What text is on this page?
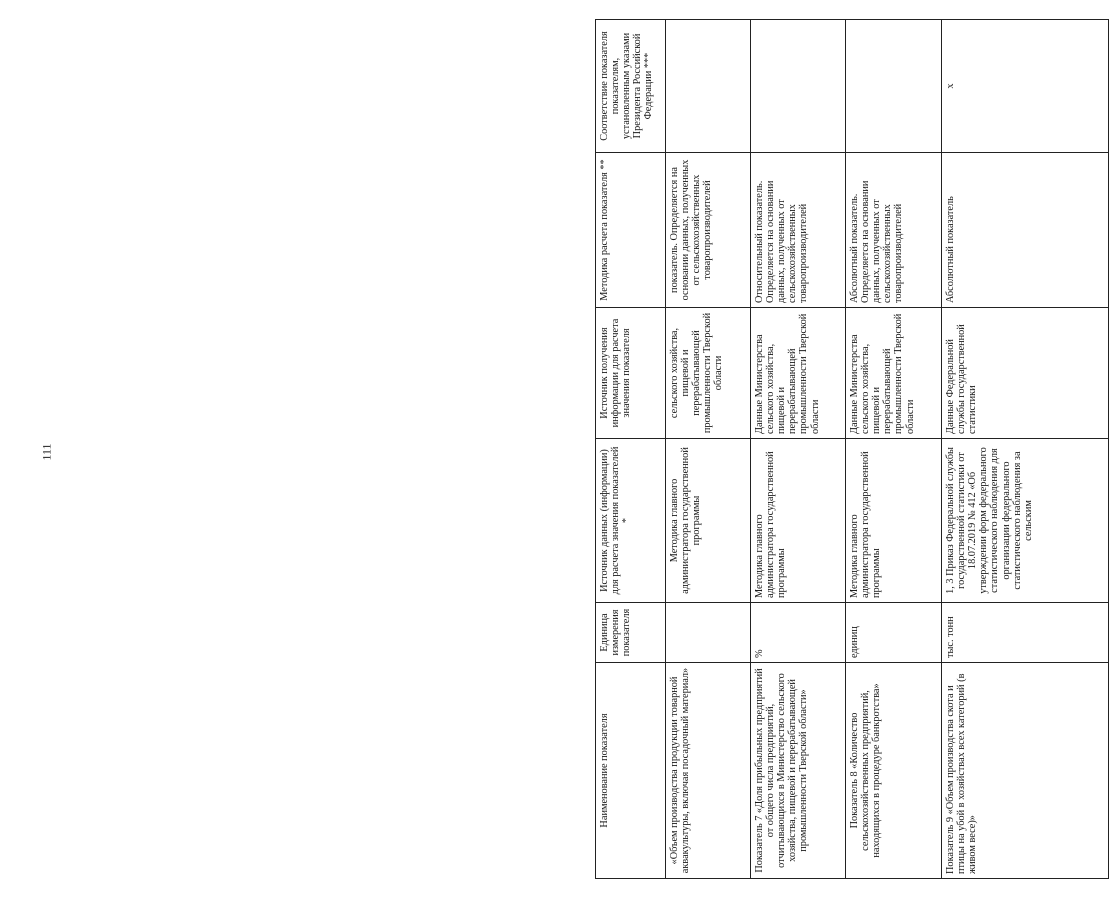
111
Наименование показателя	Единица измерения показателя	Источник данных (информации) для расчета значения показателей *	Источник получения информации для расчета значения показателя	Методика расчета показателя **	Соответствие показателя показателям, установленным указами Президента Российской Федерации ***
«Объем производства продукции товарной аквакультуры, включая посадочный материал»		Методика главного администратора государственной программы	сельского хозяйства, пищевой и перерабатывающей промышленности Тверской области	показатель. Определяется на основании данных, полученных от сельскохозяйственных товаропроизводителей	
Показатель 7 «Доля прибыльных предприятий от общего числа предприятий, отчитывающихся в Министерство сельского хозяйства, пищевой и перерабатывающей промышленности Тверской области»	%	Методика главного администратора государственной программы	Данные Министерства сельского хозяйства, пищевой и перерабатывающей промышленности Тверской области	Относительный показатель. Определяется на основании данных, полученных от сельскохозяйственных товаропроизводителей	
Показатель 8 «Количество сельскохозяйственных предприятий, находящихся в процедуре банкротства»	единиц	Методика главного администратора государственной программы	Данные Министерства сельского хозяйства, пищевой и перерабатывающей промышленности Тверской области	Абсолютный показатель. Определяется на основании данных, полученных от сельскохозяйственных товаропроизводителей	
Показатель 9 «Объем производства скота и птицы на убой в хозяйствах всех категорий (в живом весе)»	тыс. тонн	1, 3 Приказ Федеральной службы государственной статистики от 18.07.2019 № 412 «Об утверждении форм федерального статистического наблюдения для организации федерального статистического наблюдения за сельским	Данные Федеральной службы государственной статистики	Абсолютный показатель	х
